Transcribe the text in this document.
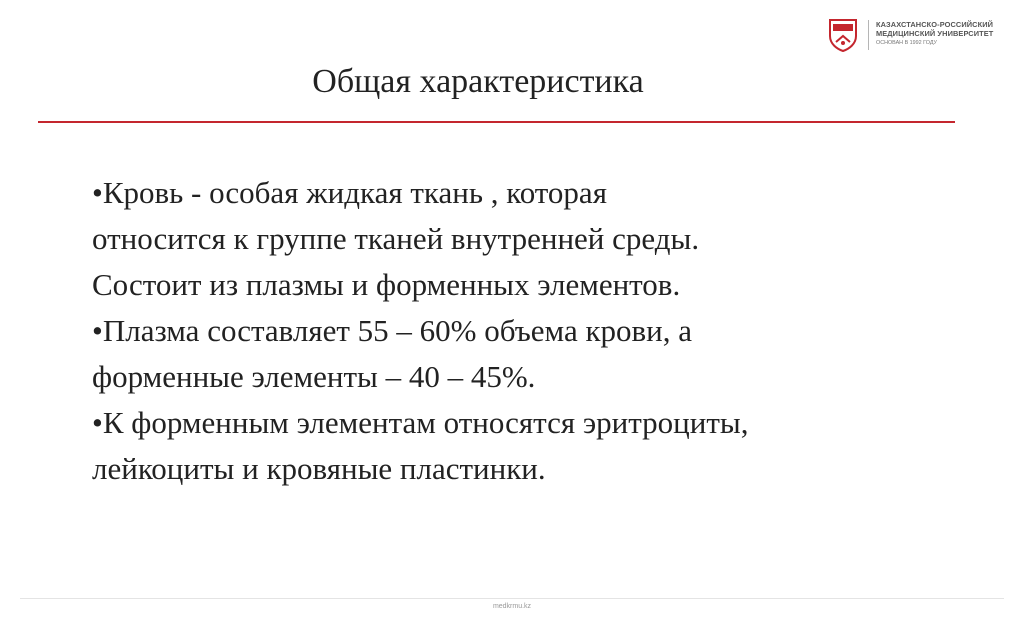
КАЗАХСТАНСКО-РОССИЙСКИЙ
МЕДИЦИНСКИЙ УНИВЕРСИТЕТ
ОСНОВАН В 1992 ГОДУ
Общая характеристика

•Кровь - особая жидкая ткань , которая
относится к группе тканей внутренней среды.
Состоит из плазмы и форменных элементов.

•Плазма составляет 55 – 60% объема крови, а
форменные элементы – 40 – 45%.

•К форменным элементам относятся эритроциты,
лейкоциты и кровяные пластинки.

medkrmu.kz
